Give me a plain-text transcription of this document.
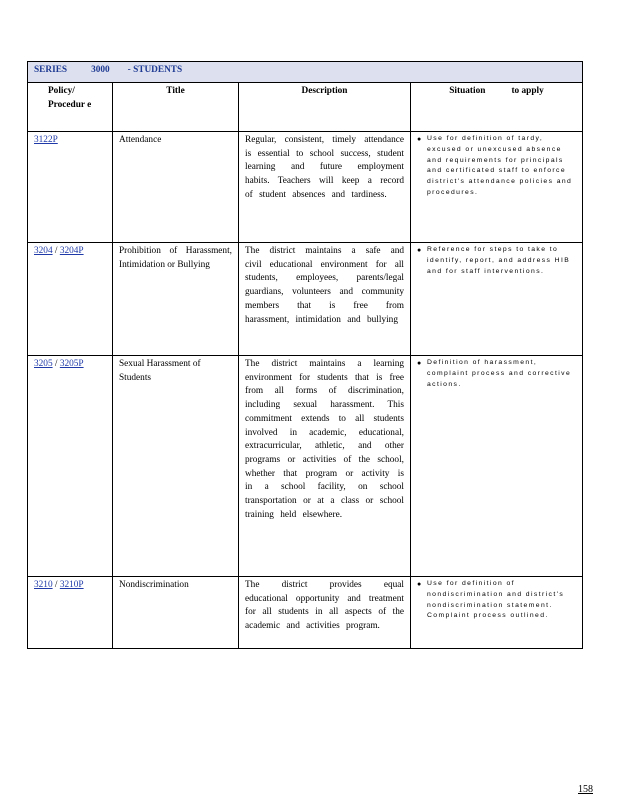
SERIES 3000 - STUDENTS			

Policy/ Procedur e	Title	Description	Situation to apply
3122P	Attendance	Regular, consistent, timely attendance is essential to school success, student learning and future employment habits. Teachers will keep a record of student absences and tardiness.	● Use for definition of tardy, excused or unexcused absence and requirements for principals and certificated staff to enforce district's attendance policies and procedures.

3204 / 3204P	Prohibition of Harassment, Intimidation or Bullying	The district maintains a safe and civil educational environment for all students, employees, parents/legal guardians, volunteers and community members that is free from harassment, intimidation and bullying	● Reference for steps to take to identify, report, and address HIB and for staff interventions.

3205 / 3205P	Sexual Harassment of Students	The district maintains a learning environment for students that is free from all forms of discrimination, including sexual harassment. This commitment extends to all students involved in academic, educational, extracurricular, athletic, and other programs or activities of the school, whether that program or activity is in a school facility, on school transportation or at a class or school training held elsewhere.	● Definition of harassment, complaint process and corrective actions.

3210 / 3210P	Nondiscrimination	The district provides equal educational opportunity and treatment for all students in all aspects of the academic and activities program.	● Use for definition of nondiscrimination and district's nondiscrimination statement. Complaint process outlined.
158
